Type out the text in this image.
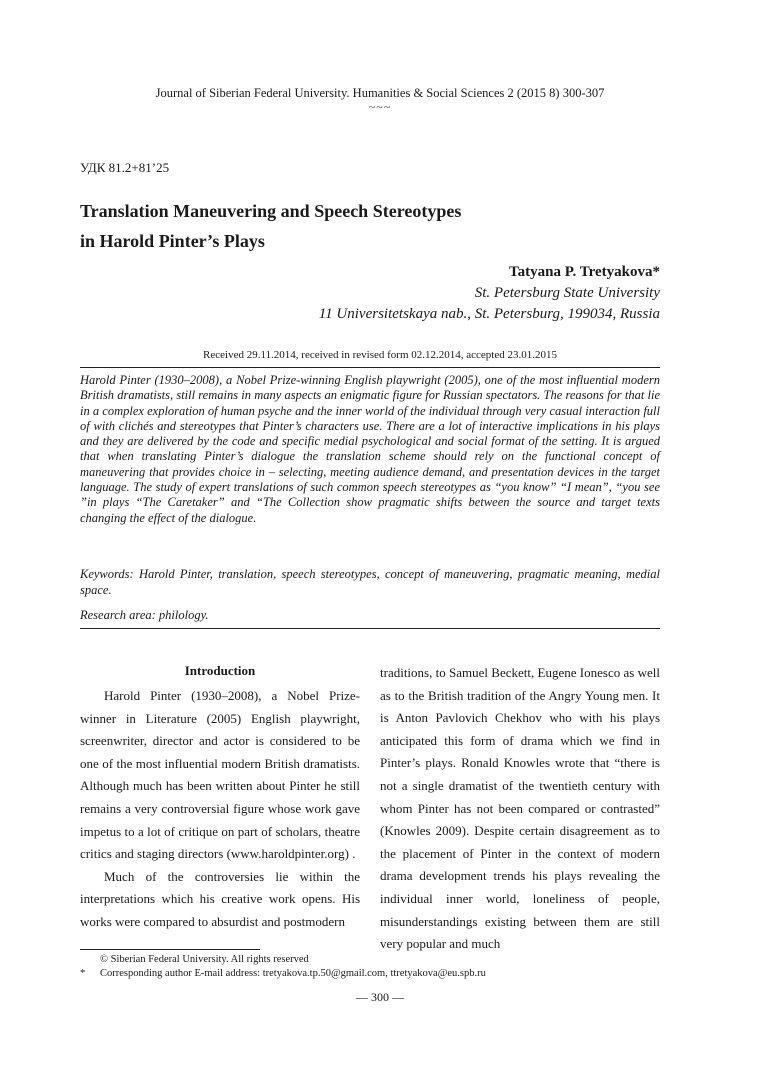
Journal of Siberian Federal University. Humanities & Social Sciences 2 (2015 8) 300-307
~~~
УДК 81.2+81’25
Translation Maneuvering and Speech Stereotypes
in Harold Pinter’s Plays
Tatyana P. Tretyakova*
St. Petersburg State University
11 Universitetskaya nab., St. Petersburg, 199034, Russia
Received 29.11.2014, received in revised form 02.12.2014, accepted 23.01.2015

Harold Pinter (1930–2008), a Nobel Prize-winning English playwright (2005), one of the most influential modern British dramatists, still remains in many aspects an enigmatic figure for Russian spectators. The reasons for that lie in a complex exploration of human psyche and the inner world of the individual through very casual interaction full of with clichés and stereotypes that Pinter’s characters use. There are a lot of interactive implications in his plays and they are delivered by the code and specific medial psychological and social format of the setting. It is argued that when translating Pinter’s dialogue the translation scheme should rely on the functional concept of maneuvering that provides choice in – selecting, meeting audience demand, and presentation devices in the target language. The study of expert translations of such common speech stereotypes as “you know” “I mean”, “you see ”in plays “The Caretaker” and “The Collection show pragmatic shifts between the source and target texts changing the effect of the dialogue.

Keywords: Harold Pinter, translation, speech stereotypes, concept of maneuvering, pragmatic meaning, medial space.

Research area: philology.

Introduction

Harold Pinter (1930–2008), a Nobel Prize-winner in Literature (2005) English playwright, screenwriter, director and actor is considered to be one of the most influential modern British dramatists. Although much has been written about Pinter he still remains a very controversial figure whose work gave impetus to a lot of critique on part of scholars, theatre critics and staging directors (www.haroldpinter.org) .

Much of the controversies lie within the interpretations which his creative work opens. His works were compared to absurdist and postmodern

traditions, to Samuel Beckett, Eugene Ionesco as well as to the British tradition of the Angry Young men. It is Anton Pavlovich Chekhov who with his plays anticipated this form of drama which we find in Pinter’s plays. Ronald Knowles wrote that “there is not a single dramatist of the twentieth century with whom Pinter has not been compared or contrasted” (Knowles 2009). Despite certain disagreement as to the placement of Pinter in the context of modern drama development trends his plays revealing the individual inner world, loneliness of people, misunderstandings existing between them are still very popular and much

© Siberian Federal University. All rights reserved
* Corresponding author E-mail address: tretyakova.tp.50@gmail.com, ttretyakova@eu.spb.ru
— 300 —
